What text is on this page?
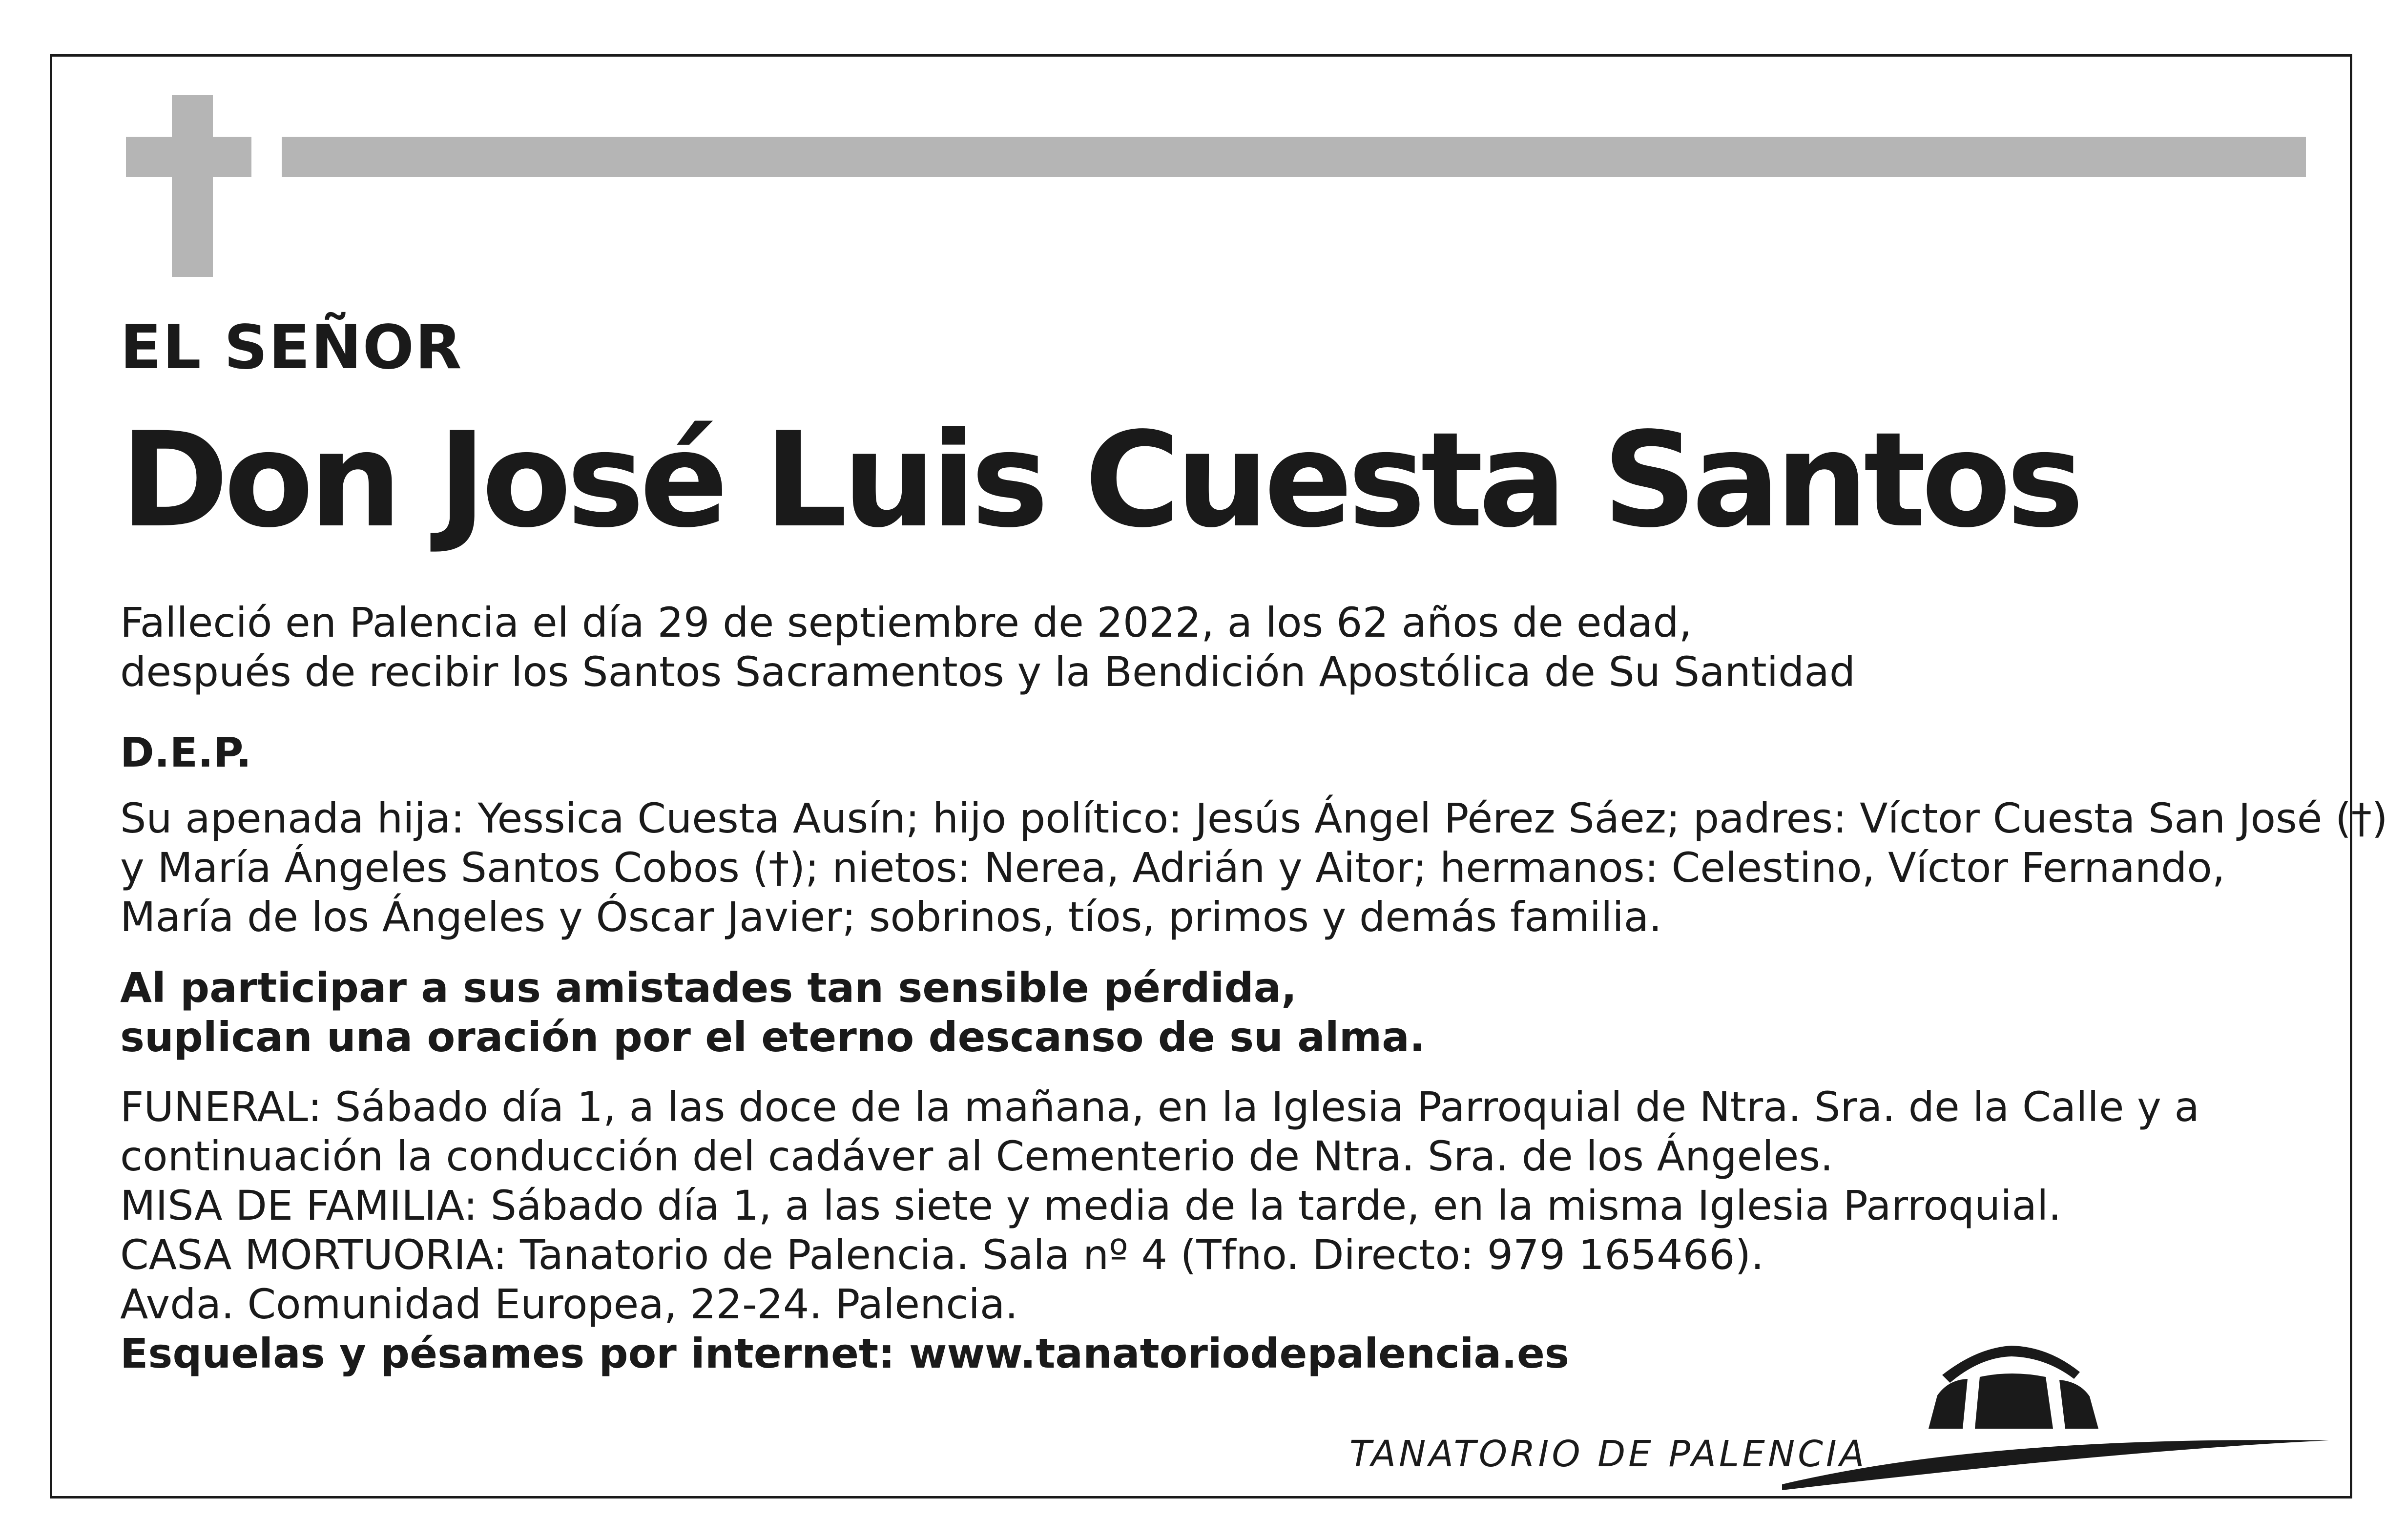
EL SEÑOR
Don José Luis Cuesta Santos
Falleció en Palencia el día 29 de septiembre de 2022, a los 62 años de edad,
después de recibir los Santos Sacramentos y la Bendición Apostólica de Su Santidad
D.E.P.
Su apenada hija: Yessica Cuesta Ausín; hijo político: Jesús Ángel Pérez Sáez; padres: Víctor Cuesta San José (†)
y María Ángeles Santos Cobos (†); nietos: Nerea, Adrián y Aitor; hermanos: Celestino, Víctor Fernando,
María de los Ángeles y Óscar Javier; sobrinos, tíos, primos y demás familia.
Al participar a sus amistades tan sensible pérdida,
suplican una oración por el eterno descanso de su alma.
FUNERAL: Sábado día 1, a las doce de la mañana, en la Iglesia Parroquial de Ntra. Sra. de la Calle y a
continuación la conducción del cadáver al Cementerio de Ntra. Sra. de los Ángeles.
MISA DE FAMILIA: Sábado día 1, a las siete y media de la tarde, en la misma Iglesia Parroquial.
CASA MORTUORIA: Tanatorio de Palencia. Sala nº 4 (Tfno. Directo: 979 165466).
Avda. Comunidad Europea, 22-24. Palencia.
Esquelas y pésames por internet: www.tanatoriodepalencia.es
TANATORIO DE PALENCIA
